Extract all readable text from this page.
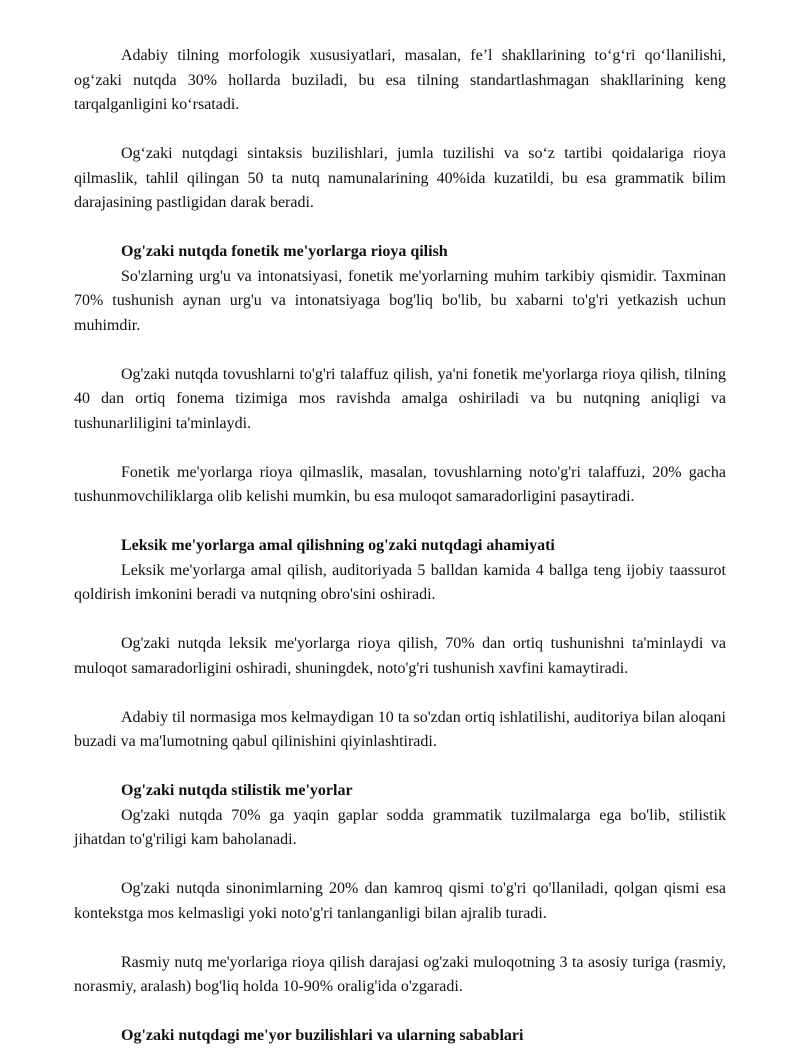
Adabiy tilning morfologik xususiyatlari, masalan, fe’l shakllarining to‘g‘ri qo‘llanilishi, og‘zaki nutqda 30% hollarda buziladi, bu esa tilning standartlashmagan shakllarining keng tarqalganligini ko‘rsatadi.

Og‘zaki nutqdagi sintaksis buzilishlari, jumla tuzilishi va so‘z tartibi qoidalariga rioya qilmaslik, tahlil qilingan 50 ta nutq namunalarining 40%ida kuzatildi, bu esa grammatik bilim darajasining pastligidan darak beradi.

Og'zaki nutqda fonetik me'yorlarga rioya qilish

So'zlarning urg'u va intonatsiyasi, fonetik me'yorlarning muhim tarkibiy qismidir. Taxminan 70% tushunish aynan urg'u va intonatsiyaga bog'liq bo'lib, bu xabarni to'g'ri yetkazish uchun muhimdir.

Og'zaki nutqda tovushlarni to'g'ri talaffuz qilish, ya'ni fonetik me'yorlarga rioya qilish, tilning 40 dan ortiq fonema tizimiga mos ravishda amalga oshiriladi va bu nutqning aniqligi va tushunarliligini ta'minlaydi.

Fonetik me'yorlarga rioya qilmaslik, masalan, tovushlarning noto'g'ri talaffuzi, 20% gacha tushunmovchiliklarga olib kelishi mumkin, bu esa muloqot samaradorligini pasaytiradi.

Leksik me'yorlarga amal qilishning og'zaki nutqdagi ahamiyati

Leksik me'yorlarga amal qilish, auditoriyada 5 balldan kamida 4 ballga teng ijobiy taassurot qoldirish imkonini beradi va nutqning obro'sini oshiradi.

Og'zaki nutqda leksik me'yorlarga rioya qilish, 70% dan ortiq tushunishni ta'minlaydi va muloqot samaradorligini oshiradi, shuningdek, noto'g'ri tushunish xavfini kamaytiradi.

Adabiy til normasiga mos kelmaydigan 10 ta so'zdan ortiq ishlatilishi, auditoriya bilan aloqani buzadi va ma'lumotning qabul qilinishini qiyinlashtiradi.

Og'zaki nutqda stilistik me'yorlar

Og'zaki nutqda 70% ga yaqin gaplar sodda grammatik tuzilmalarga ega bo'lib, stilistik jihatdan to'g'riligi kam baholanadi.

Og'zaki nutqda sinonimlarning 20% dan kamroq qismi to'g'ri qo'llaniladi, qolgan qismi esa kontekstga mos kelmasligi yoki noto'g'ri tanlanganligi bilan ajralib turadi.

Rasmiy nutq me'yorlariga rioya qilish darajasi og'zaki muloqotning 3 ta asosiy turiga (rasmiy, norasmiy, aralash) bog'liq holda 10-90% oralig'ida o'zgaradi.

Og'zaki nutqdagi me'yor buzilishlari va ularning sabablari
